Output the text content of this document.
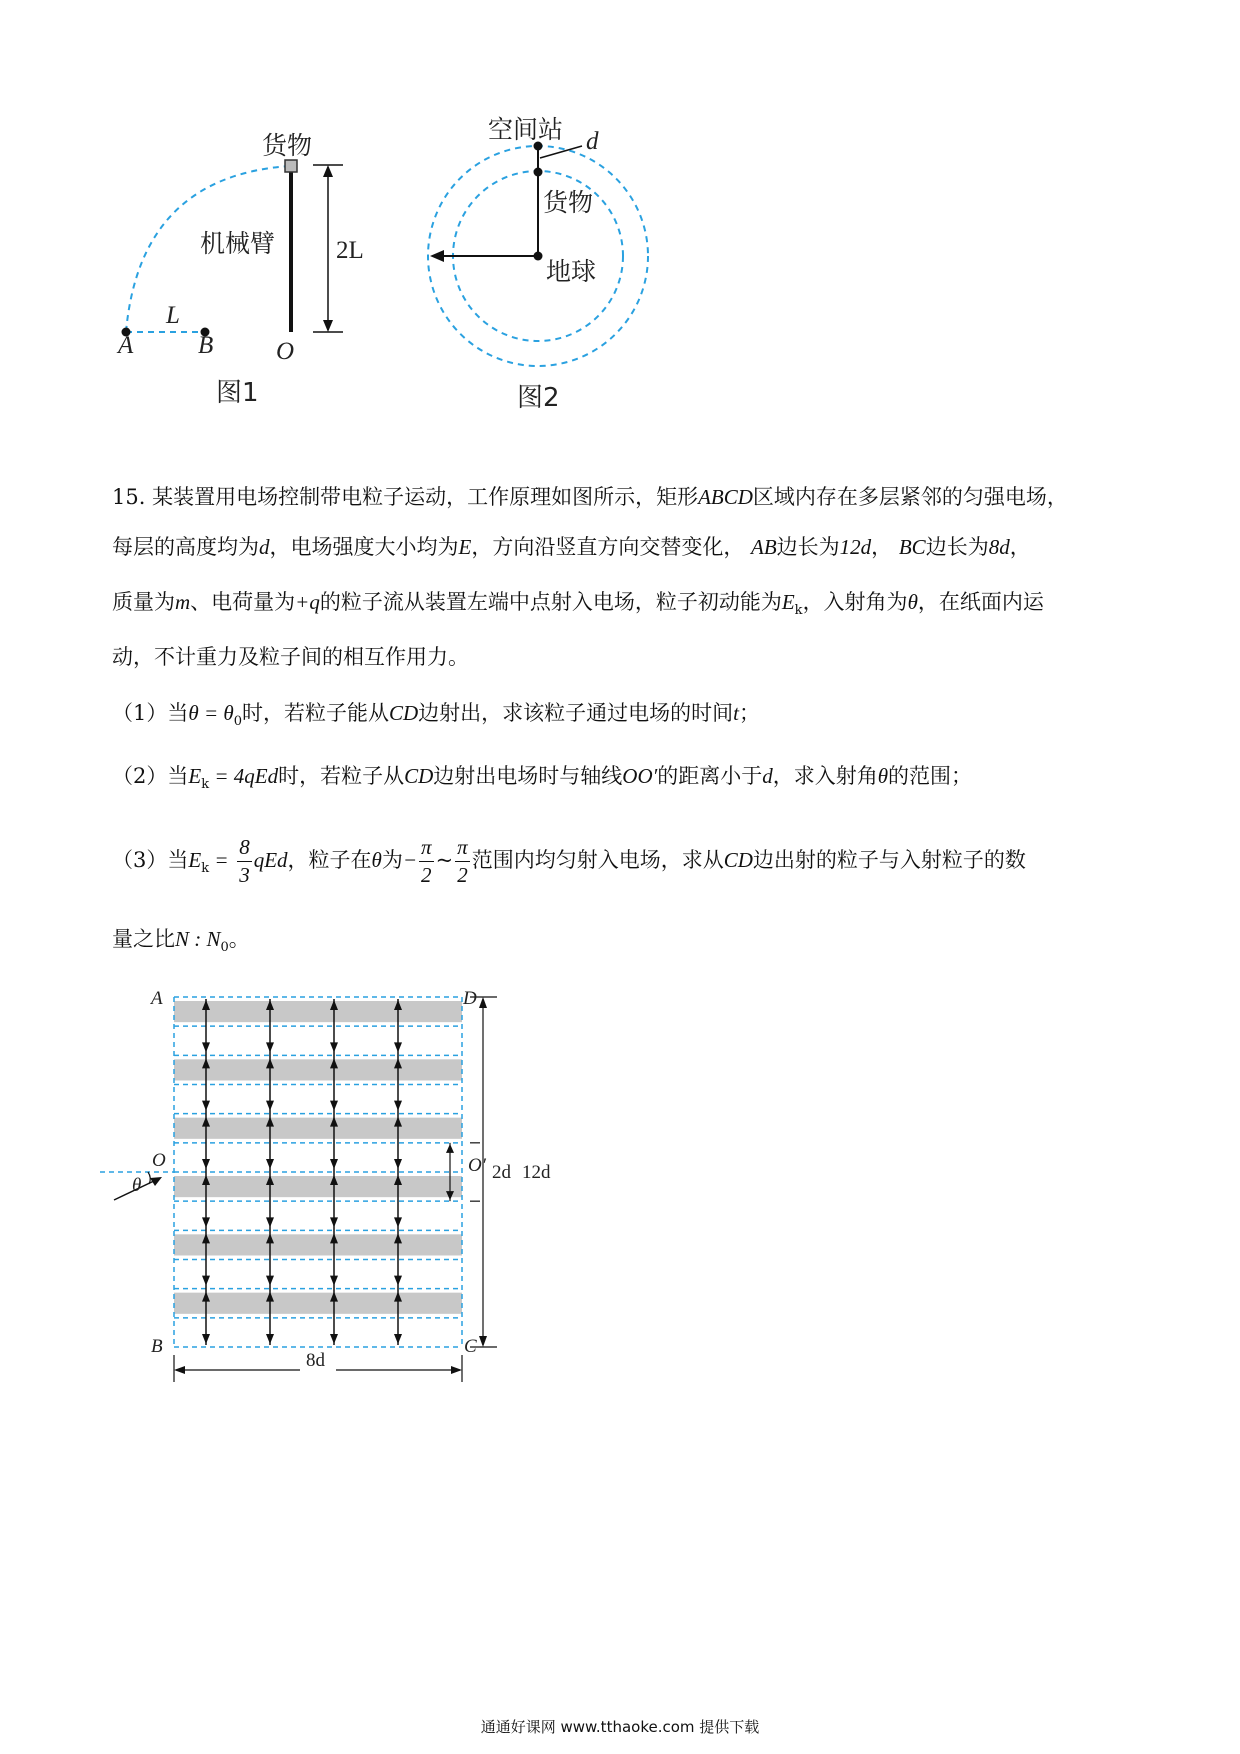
货物
机械臂 2L
L
A	B	O
图1
空间站 d
货物
地球
图2
15. 某装置用电场控制带电粒子运动，工作原理如图所示，矩形ABCD区域内存在多层紧邻的匀强电场，
每层的高度均为d，电场强度大小均为E，方向沿竖直方向交替变化， AB边长为12d， BC边长为8d，
质量为m、电荷量为+q的粒子流从装置左端中点射入电场，粒子初动能为$E_k$，入射角为θ，在纸面内运
动，不计重力及粒子间的相互作用力。
（1）当$\theta = \theta_0$时，若粒子能从CD边射出，求该粒子通过电场的时间t；
（2）当$E_k = 4qEd$时，若粒子从CD边射出电场时与轴线OO′的距离小于d，求入射角θ的范围；
（3）当$E_k = \frac{8}{3}$ qEd，粒子在θ为− $\frac{\pi}{2}$ ~ $\frac{\pi}{2}$ 范围内均匀射入电场，求从CD边出射的粒子与入射粒子的数
量之比N : $N_0$。
A	D
B	C
O	O′
θ
12d
2d
8d
通通好课网 www.tthaoke.com 提供下载
